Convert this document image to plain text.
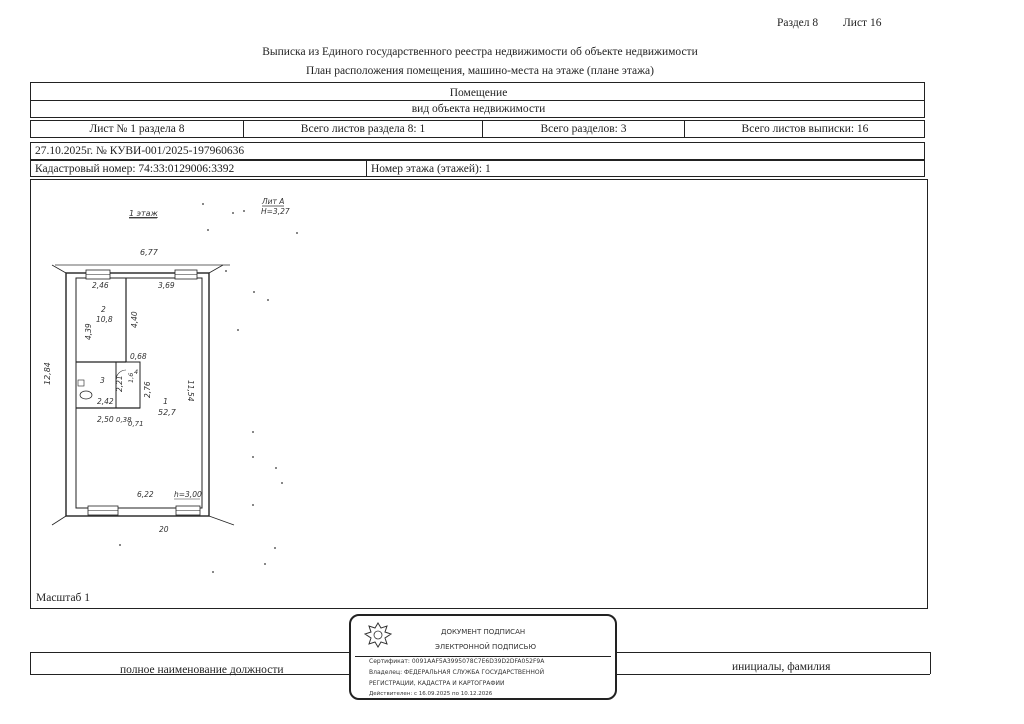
Раздел 8 Лист 16
Выписка из Единого государственного реестра недвижимости об объекте недвижимости
План расположения помещения, машино-места на этаже (плане этажа)
Помещение
вид объекта недвижимости
Лист № 1 раздела 8	Всего листов раздела 8: 1	Всего разделов: 3	Всего листов выписки: 16
27.10.2025г. № КУВИ-001/2025-197960636
Кадастровый номер: 74:33:0129006:3392	Номер этажа (этажей): 1
Масштаб 1
1 этаж
Лит А
Н=3,27
6,77
2,46	3,69
2
10,8
4,39
4,40
0,68
3 2,21	2,76
4
1,6
2,42
2,50 0,38
0,71
11,54
1
52,7
12,84
6,22	h=3,00
20
полное наименование должности	инициалы, фамилия
ДОКУМЕНТ ПОДПИСАН
ЭЛЕКТРОННОЙ ПОДПИСЬЮ
Сертификат: 0091AAF5A3995078C7E6D39D2DFA052F9A
Владелец: ФЕДЕРАЛЬНАЯ СЛУЖБА ГОСУДАРСТВЕННОЙ
РЕГИСТРАЦИИ, КАДАСТРА И КАРТОГРАФИИ
Действителен: с 16.09.2025 по 10.12.2026
